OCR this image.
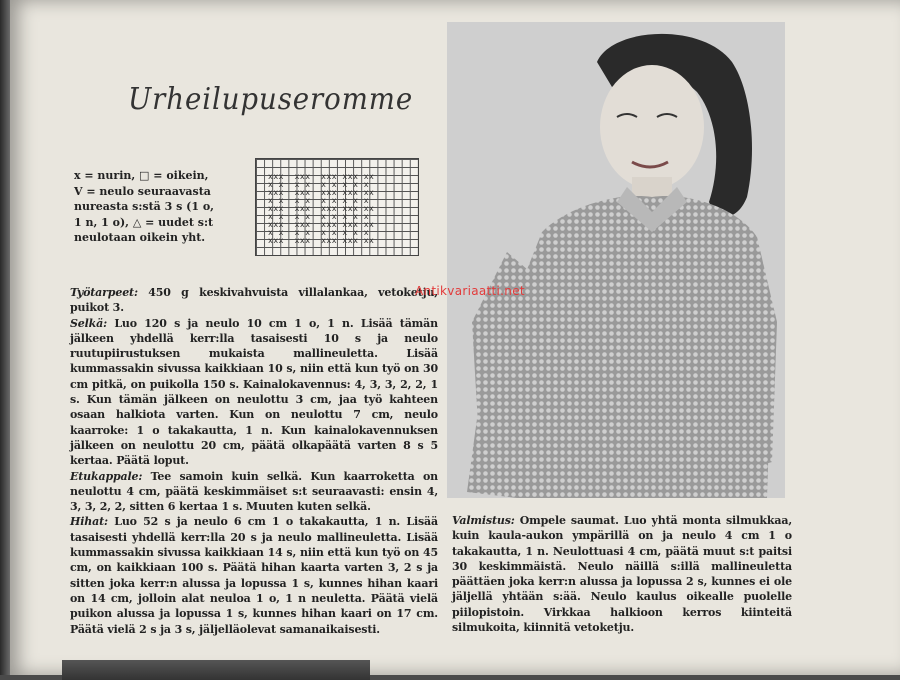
Urheilupuseromme

x = nurin, □ = oikein,

V = neulo seuraavasta

nureasta s:stä 3 s (1 o,

1 n, 1 o), △ = uudet s:t

neulotaan oikein yht.

xxx  xxx  xxx xxx xx
x x  x x  x x x x x
xxx  xxx  xxx xxx xx
x x  x x  x x x x x
xxx  xxx  xxx xxx xx
x x  x x  x x x x x
xxx  xxx  xxx xxx xx
x x  x x  x x x x x
xxx  xxx  xxx xxx xx

Työtarpeet: 450 g keskivahvuista villalankaa, vetoketju, puikot 3.

Selkä: Luo 120 s ja neulo 10 cm 1 o, 1 n. Lisää tämän jälkeen yhdellä kerr:lla tasaisesti 10 s ja neulo ruutupiirustuksen mukaista mallineuletta. Lisää kummassakin sivussa kaikkiaan 10 s, niin että kun työ on 30 cm pitkä, on puikolla 150 s. Kainalokavennus: 4, 3, 3, 2, 2, 1 s. Kun tämän jälkeen on neulottu 3 cm, jaa työ kahteen osaan halkiota varten. Kun on neulottu 7 cm, neulo kaarroke: 1 o takakautta, 1 n. Kun kainalokavennuksen jälkeen on neulottu 20 cm, päätä olkapäätä varten 8 s 5 kertaa. Päätä loput.

Etukappale: Tee samoin kuin selkä. Kun kaarroketta on neulottu 4 cm, päätä keskimmäiset s:t seuraavasti: ensin 4, 3, 3, 2, 2, sitten 6 kertaa 1 s. Muuten kuten selkä.

Hihat: Luo 52 s ja neulo 6 cm 1 o takakautta, 1 n. Lisää tasaisesti yhdellä kerr:lla 20 s ja neulo mallineuletta. Lisää kummassakin sivussa kaikkiaan 14 s, niin että kun työ on 45 cm, on kaikkiaan 100 s. Päätä hihan kaarta varten 3, 2 s ja sitten joka kerr:n alussa ja lopussa 1 s, kunnes hihan kaari on 14 cm, jolloin alat neuloa 1 o, 1 n neuletta. Päätä vielä puikon alussa ja lopussa 1 s, kunnes hihan kaari on 17 cm. Päätä vielä 2 s ja 3 s, jäljelläolevat samanaikaisesti.

Antikvariaatti.net
Valmistus: Ompele saumat. Luo yhtä monta silmukkaa, kuin kaula-aukon ympärillä on ja neulo 4 cm 1 o takakautta, 1 n. Neulottuasi 4 cm, päätä muut s:t paitsi 30 keskimmäistä. Neulo näillä s:illä mallineuletta päättäen joka kerr:n alussa ja lopussa 2 s, kunnes ei ole jäljellä yhtään s:ää. Neulo kaulus oikealle puolelle piilopistoin. Virkkaa halkioon kerros kiinteitä silmukoita, kiinnitä vetoketju.
